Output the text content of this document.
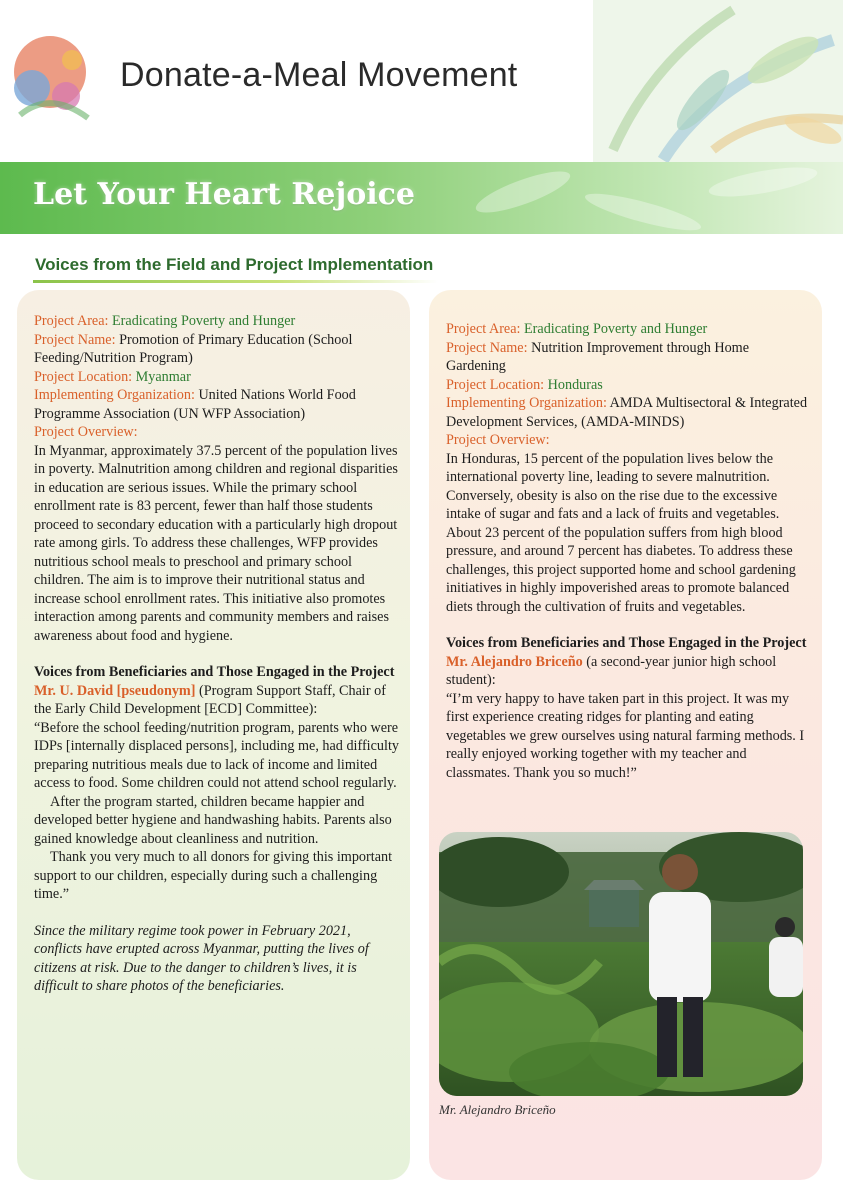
Donate-a-Meal Movement
Let Your Heart Rejoice
Voices from the Field and Project Implementation
Project Area: Eradicating Poverty and Hunger
Project Name: Promotion of Primary Education (School Feeding/Nutrition Program)
Project Location: Myanmar
Implementing Organization: United Nations World Food Programme Association (UN WFP Association)
Project Overview:
In Myanmar, approximately 37.5 percent of the population lives in poverty. Malnutrition among children and regional disparities in education are serious issues. While the primary school enrollment rate is 83 percent, fewer than half those students proceed to secondary education with a particularly high dropout rate among girls. To address these challenges, WFP provides nutritious school meals to preschool and primary school children. The aim is to improve their nutritional status and increase school enrollment rates. This initiative also promotes interaction among parents and community members and raises awareness about food and hygiene.
Voices from Beneficiaries and Those Engaged in the Project
Mr. U. David [pseudonym] (Program Support Staff, Chair of the Early Child Development [ECD] Committee):
“Before the school feeding/nutrition program, parents who were IDPs [internally displaced persons], including me, had difficulty preparing nutritious meals due to lack of income and limited access to food. Some children could not attend school regularly.
After the program started, children became happier and developed better hygiene and handwashing habits. Parents also gained knowledge about cleanliness and nutrition.
Thank you very much to all donors for giving this important support to our children, especially during such a challenging time.”
Since the military regime took power in February 2021, conflicts have erupted across Myanmar, putting the lives of citizens at risk. Due to the danger to children’s lives, it is difficult to share photos of the beneficiaries.
Project Area: Eradicating Poverty and Hunger
Project Name: Nutrition Improvement through Home Gardening
Project Location: Honduras
Implementing Organization: AMDA Multisectoral & Integrated Development Services, (AMDA-MINDS)
Project Overview:
In Honduras, 15 percent of the population lives below the international poverty line, leading to severe malnutrition. Conversely, obesity is also on the rise due to the excessive intake of sugar and fats and a lack of fruits and vegetables. About 23 percent of the population suffers from high blood pressure, and around 7 percent has diabetes. To address these challenges, this project supported home and school gardening initiatives in highly impoverished areas to promote balanced diets through the cultivation of fruits and vegetables.
Voices from Beneficiaries and Those Engaged in the Project
Mr. Alejandro Briceño (a second-year junior high school student):
“I’m very happy to have taken part in this project. It was my first experience creating ridges for planting and eating vegetables we grew ourselves using natural farming methods. I really enjoyed working together with my teacher and classmates. Thank you so much!”
Mr. Alejandro Briceño
